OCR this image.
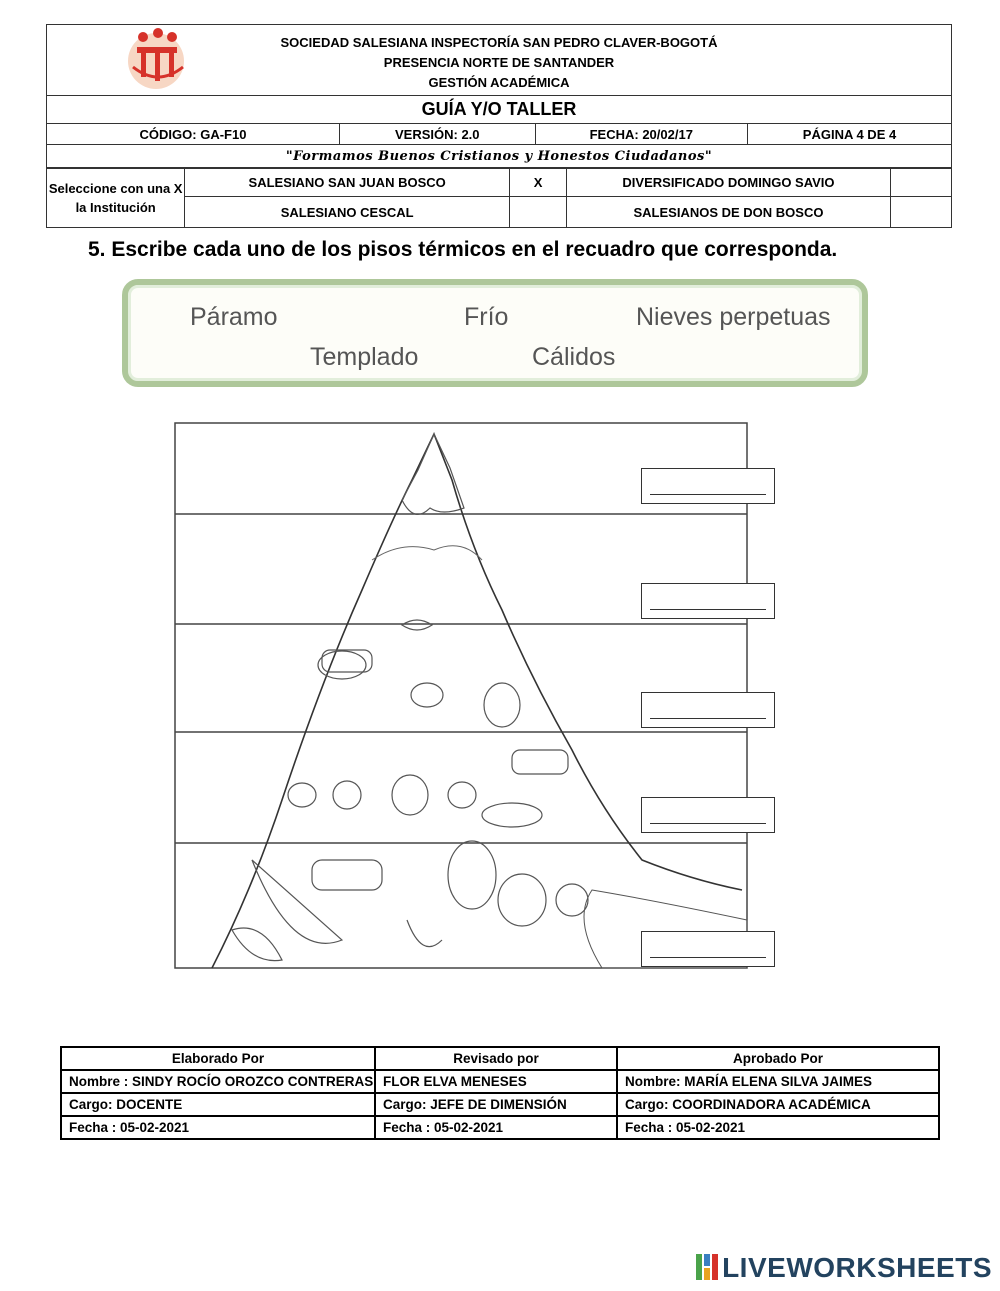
SOCIEDAD SALESIANA INSPECTORÍA SAN PEDRO CLAVER-BOGOTÁ
PRESENCIA NORTE DE SANTANDER
GESTIÓN ACADÉMICA

GUÍA Y/O TALLER
CÓDIGO: GA-F10	VERSIÓN: 2.0	FECHA: 20/02/17	PÁGINA 4 DE 4
"Formamos Buenos Cristianos y Honestos Ciudadanos"
Seleccione con una X la Institución	SALESIANO SAN JUAN BOSCO	X	DIVERSIFICADO DOMINGO SAVIO	
	SALESIANO CESCAL		SALESIANOS DE DON BOSCO	
5. Escribe cada uno de los pisos térmicos en el recuadro que corresponda.
Páramo	Frío	Nieves perpetuas
Templado	Cálidos
Elaborado Por	Revisado por	Aprobado Por
Nombre : SINDY ROCÍO OROZCO CONTRERAS	FLOR ELVA MENESES	Nombre: MARÍA ELENA SILVA JAIMES
Cargo: DOCENTE	Cargo: JEFE DE DIMENSIÓN	Cargo: COORDINADORA ACADÉMICA
Fecha : 05-02-2021	Fecha : 05-02-2021	Fecha : 05-02-2021
LIVEWORKSHEETS
